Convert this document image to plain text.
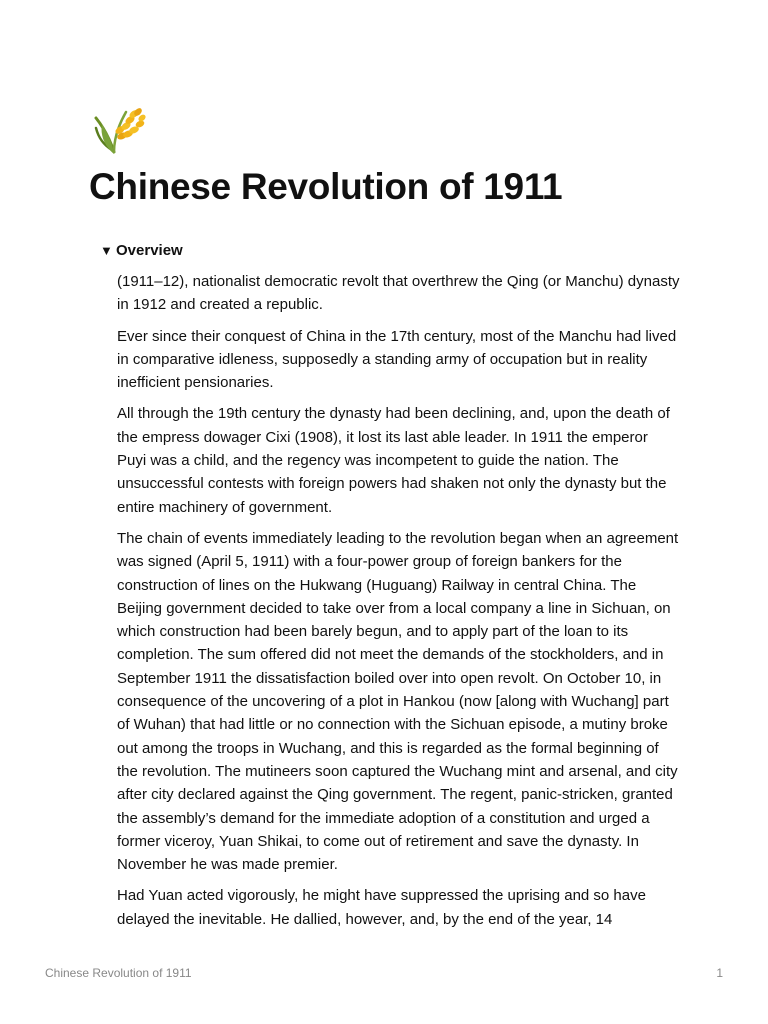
Chinese Revolution of 1911
▼ Overview

(1911–12), nationalist democratic revolt that overthrew the Qing (or Manchu) dynasty in 1912 and created a republic.

Ever since their conquest of China in the 17th century, most of the Manchu had lived in comparative idleness, supposedly a standing army of occupation but in reality inefficient pensionaries.

All through the 19th century the dynasty had been declining, and, upon the death of the empress dowager Cixi (1908), it lost its last able leader. In 1911 the emperor Puyi was a child, and the regency was incompetent to guide the nation. The unsuccessful contests with foreign powers had shaken not only the dynasty but the entire machinery of government.

The chain of events immediately leading to the revolution began when an agreement was signed (April 5, 1911) with a four-power group of foreign bankers for the construction of lines on the Hukwang (Huguang) Railway in central China. The Beijing government decided to take over from a local company a line in Sichuan, on which construction had been barely begun, and to apply part of the loan to its completion. The sum offered did not meet the demands of the stockholders, and in September 1911 the dissatisfaction boiled over into open revolt. On October 10, in consequence of the uncovering of a plot in Hankou (now [along with Wuchang] part of Wuhan) that had little or no connection with the Sichuan episode, a mutiny broke out among the troops in Wuchang, and this is regarded as the formal beginning of the revolution. The mutineers soon captured the Wuchang mint and arsenal, and city after city declared against the Qing government. The regent, panic-stricken, granted the assembly’s demand for the immediate adoption of a constitution and urged a former viceroy, Yuan Shikai, to come out of retirement and save the dynasty. In November he was made premier.

Had Yuan acted vigorously, he might have suppressed the uprising and so have delayed the inevitable. He dallied, however, and, by the end of the year, 14

Chinese Revolution of 1911	1
